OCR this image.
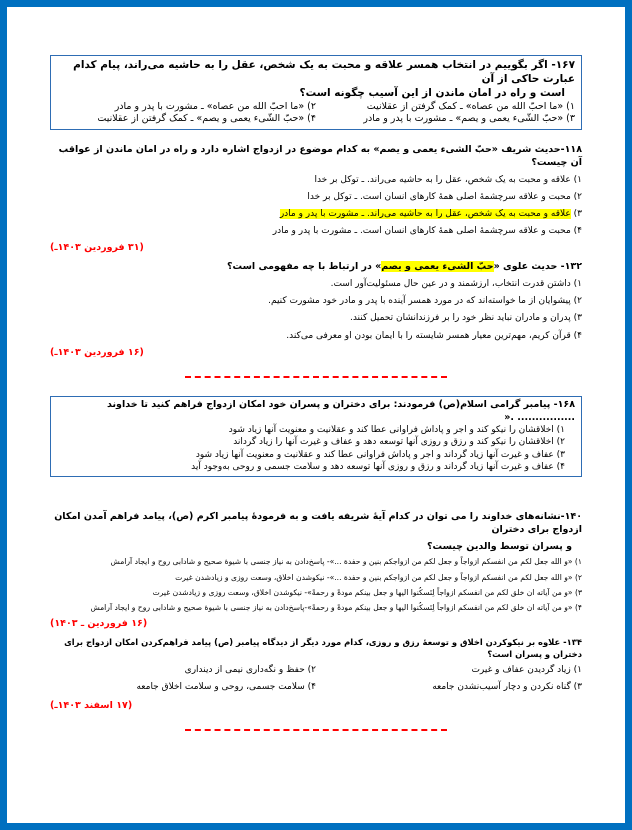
۱۶۷- اگر بگوییم در انتخاب همسر علاقه و محبت به یک شخص، عقل را به حاشیه می‌راند، پیام کدام عبارت حاکی از آن
است و راه در امان ماندن از این آسیب چگونه است؟
۱) «ما احبّ الله من عصاه» ـ کمک گرفتن از عقلانیت
۲) «ما احبّ الله من عصاه» ـ مشورت با پدر و مادر
۳) «حبّ الشّیء یعمی و یصم» ـ مشورت با پدر و مادر
۴) «حبّ الشّیء یعمی و یصم» ـ کمک گرفتن از عقلانیت
۱۱۸-حدیث شریف «حبّ الشیء یعمی و یصم» به کدام موضوع در ازدواج اشاره دارد و راه در امان ماندن از عواقب آن چیست؟
۱) علاقه و محبت به یک شخص، عقل را به حاشیه می‌راند. ـ توکل بر خدا
۲) محبت و علاقه سرچشمهٔ اصلی همهٔ کارهای انسان است. ـ توکل بر خدا
۳) علاقه و محبت به یک شخص، عقل را به حاشیه می‌راند. ـ مشورت با پدر و مادر
۴) محبت و علاقه سرچشمهٔ اصلی همهٔ کارهای انسان است. ـ مشورت با پدر و مادر
(۳۱ فروردین ۱۴۰۳ـ)
۱۳۲- حدیث علوی «حبّ الشیء یعمی و یصم» در ارتباط با چه مفهومی است؟
۱) داشتن قدرت انتخاب، ارزشمند و در عین حال مسئولیت‌آور است.
۲) پیشوایان از ما خواسته‌اند که در مورد همسر آینده با پدر و مادر خود مشورت کنیم.
۳) پدران و مادران نباید نظر خود را بر فرزندانشان تحمیل کنند.
۴) قرآن کریم، مهم‌ترین معیار همسر شایسته را با ایمان بودن او معرفی می‌کند.
(۱۶ فروردین ۱۴۰۳ـ)
۱۶۸- پیامبر گرامی اسلام(ص) فرمودند: برای دختران و پسران خود امکان ازدواج فراهم کنید تا خداوند ................ .«
۱) اخلاقشان را نیکو کند و اجر و پاداش فراوانی عطا کند و عقلانیت و معنویت آنها زیاد شود
۲) اخلاقشان را نیکو کند و رزق و روزی آنها توسعه دهد و عفاف و غیرت آنها را زیاد گرداند
۳) عفاف و غیرت آنها زیاد گرداند و اجر و پاداش فراوانی عطا کند و عقلانیت و معنویت آنها زیاد شود
۴) عفاف و غیرت آنها زیاد گرداند و رزق و روزی آنها توسعه دهد و سلامت جسمی و روحی به‌وجود آید
۱۴۰-نشانه‌های خداوند را می توان در کدام آیهٔ شریفه یافت و به فرمودهٔ پیامبر اکرم (ص)، پیامد فراهم آمدن امکان ازدواج برای دختران
و پسران توسط والدین چیست؟
۱) «و الله جعل لکم من انفسکم ازواجاً و جعل لکم من ازواجکم بنین و حفدة ...»- پاسخ‌دادن به نیاز جنسی با شیوهٔ صحیح و شادابی روح و ایجاد آرامش
۲) «و الله جعل لکم من انفسکم ازواجاً و جعل لکم من ازواجکم بنین و حفدة ...»- نیکوشدن اخلاق، وسعت روزی و زیادشدن غیرت
۳) «و من آیاته ان خلق لکم من انفسکم ازواجاً لِتَسکُنوا الیها و جعل بینکم مودةً و رحمةً»- نیکوشدن اخلاق، وسعت روزی و زیادشدن غیرت
۴) «و من آیاته ان خلق لکم من انفسکم ازواجاً لِتَسکُنوا الیها و جعل بینکم مودةً و رحمةً»-پاسخ‌دادن به نیاز جنسی با شیوهٔ صحیح و شادابی روح و ایجاد آرامش
(۱۶ فروردین ـ ۱۴۰۳)
۱۳۴- علاوه بر نیکوکردن اخلاق و توسعهٔ رزق و روزی، کدام مورد دیگر از دیدگاه پیامبر (ص) پیامد فراهم‌کردن امکان ازدواج برای دختران و پسران است؟
۱) زیاد گردیدن عفاف و غیرت
۲) حفظ و نگه‌داری نیمی از دینداری
۳) گناه نکردن و دچار آسیب‌نشدن جامعه
۴) سلامت جسمی، روحی و سلامت اخلاق جامعه
(۱۷ اسفند ۱۴۰۳ـ)
